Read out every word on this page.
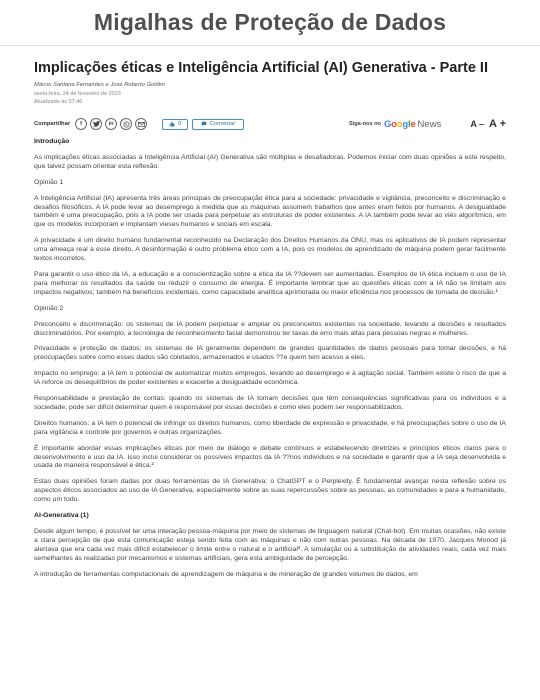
Migalhas de Proteção de Dados
Implicações éticas e Inteligência Artificial (AI) Generativa - Parte II
Márcio Santana Fernandes e José Roberto Goldim
sexta-feira, 24 de fevereiro de 2023
Atualizado às 07:46
Compartilhar	f	in	0	Comentar	Siga-nos no Google News	A – A +

Introdução

As implicações éticas associadas a Inteligência Artificial (AI) Generativa são múltiplas e desafiadoras. Podemos iniciar com duas opiniões a este respeito, que talvez possam orientar esta reflexão.

Opinião 1

A Inteligência Artificial (IA) apresenta três áreas principais de preocupação ética para a sociedade: privacidade e vigilância, preconceito e discriminação e desafios filosóficos. A IA pode levar ao desemprego à medida que as máquinas assumem trabalhos que antes eram feitos por humanos. A desigualdade também é uma preocupação, pois a IA pode ser usada para perpetuar as estruturas de poder existentes. A IA também pode levar ao viés algorítmico, em que os modelos incorporam e implantam vieses humanos e sociais em escala.

A privacidade é um direito humano fundamental reconhecido na Declaração dos Direitos Humanos da ONU, mas os aplicativos de IA podem representar uma ameaça real a esse direito. A desinformação é outro problema ético com a IA, pois os modelos de aprendizado de máquina podem gerar facilmente textos incorretos.

Para garantir o uso ético da IA, a educação e a conscientização sobre a ética da IA ??devem ser aumentadas. Exemplos de IA ética incluem o uso de IA para melhorar os resultados da saúde ou reduzir o consumo de energia. É importante lembrar que as questões éticas com a IA não se limitam aos impactos negativos; também há benefícios incidentais, como capacidade analítica aprimorada ou maior eficiência nos processos de tomada de decisão.¹

Opinião 2

Preconceito e discriminação: os sistemas de IA podem perpetuar e ampliar os preconceitos existentes na sociedade, levando a decisões e resultados discriminatórios. Por exemplo, a tecnologia de reconhecimento facial demonstrou ter taxas de erro mais altas para pessoas negras e mulheres.

Privacidade e proteção de dados: os sistemas de IA geralmente dependem de grandes quantidades de dados pessoais para tomar decisões, e há preocupações sobre como esses dados são coletados, armazenados e usados ??e quem tem acesso a eles.

Impacto no emprego: a IA tem o potencial de automatizar muitos empregos, levando ao desemprego e à agitação social. Também existe o risco de que a IA reforce os desequilíbrios de poder existentes e exacerbe a desigualdade econômica.

Responsabilidade e prestação de contas: quando os sistemas de IA tomam decisões que têm consequências significativas para os indivíduos e a sociedade, pode ser difícil determinar quem é responsável por essas decisões e como eles podem ser responsabilizados.

Direitos humanos: a IA tem o potencial de infringir os direitos humanos, como liberdade de expressão e privacidade, e há preocupações sobre o uso de IA para vigilância e controle por governos e outras organizações.

É importante abordar essas implicações éticas por meio de diálogo e debate contínuos e estabelecendo diretrizes e princípios éticos claros para o desenvolvimento e uso da IA. Isso inclui considerar os possíveis impactos da IA ??nos indivíduos e na sociedade e garantir que a IA seja desenvolvida e usada de maneira responsável e ética.²

Estas duas opiniões foram dadas por duas ferramentas de IA Generativa: o ChatGPT e o Perplexity. É fundamental avançar nesta reflexão sobre os aspectos éticos associados ao uso de IA Generativa, especialmente sobre as suas repercussões sobre as pessoas, as comunidades e para a humanidade, como um todo.

AI-Generativa (1)

Desde algum tempo, é possível ter uma interação pessoa-máquina por meio de sistemas de linguagem natural (Chat-bot). Em muitas ocasiões, não existe a clara percepção de que esta comunicação esteja sendo feita com as máquinas e não com outras pessoas. Na década de 1970, Jacques Monod já alertava que era cada vez mais difícil estabelecer o limite entre o natural e o artificial³. A simulação ou a substituição de atividades reais, cada vez mais semelhantes às realizadas por mecanismos e sistemas artificiais, gera esta ambiguidade de percepção.

A introdução de ferramentas computacionais de aprendizagem de máquina e de mineração de grandes volumes de dados, em
